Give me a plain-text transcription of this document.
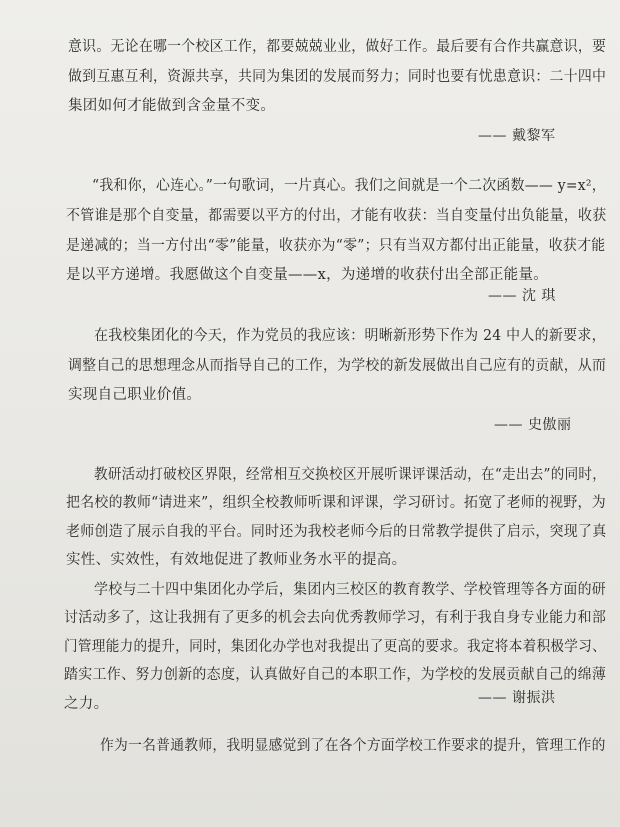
意识。无论在哪一个校区工作，都要兢兢业业，做好工作。最后要有合作共赢意识，要
做到互惠互利，资源共享，共同为集团的发展而努力；同时也要有忧患意识：二十四中
集团如何才能做到含金量不变。
—— 戴黎军
“我和你，心连心。”一句歌词，一片真心。我们之间就是一个二次函数—— y=x²，
不管谁是那个自变量，都需要以平方的付出，才能有收获：当自变量付出负能量，收获
是递减的；当一方付出“零”能量，收获亦为“零”；只有当双方都付出正能量，收获才能
是以平方递增。我愿做这个自变量——x，为递增的收获付出全部正能量。
—— 沈 琪
在我校集团化的今天，作为党员的我应该：明晰新形势下作为 24 中人的新要求，
调整自己的思想理念从而指导自己的工作，为学校的新发展做出自己应有的贡献，从而
实现自己职业价值。
—— 史傲丽
教研活动打破校区界限，经常相互交换校区开展听课评课活动，在“走出去”的同时，
把名校的教师“请进来”，组织全校教师听课和评课，学习研讨。拓宽了老师的视野，为
老师创造了展示自我的平台。同时还为我校老师今后的日常教学提供了启示，突现了真
实性、实效性，有效地促进了教师业务水平的提高。
学校与二十四中集团化办学后，集团内三校区的教育教学、学校管理等各方面的研
讨活动多了，这让我拥有了更多的机会去向优秀教师学习，有利于我自身专业能力和部
门管理能力的提升，同时，集团化办学也对我提出了更高的要求。我定将本着积极学习、
踏实工作、努力创新的态度，认真做好自己的本职工作，为学校的发展贡献自己的绵薄
之力。	—— 谢振洪
作为一名普通教师，我明显感觉到了在各个方面学校工作要求的提升，管理工作的
